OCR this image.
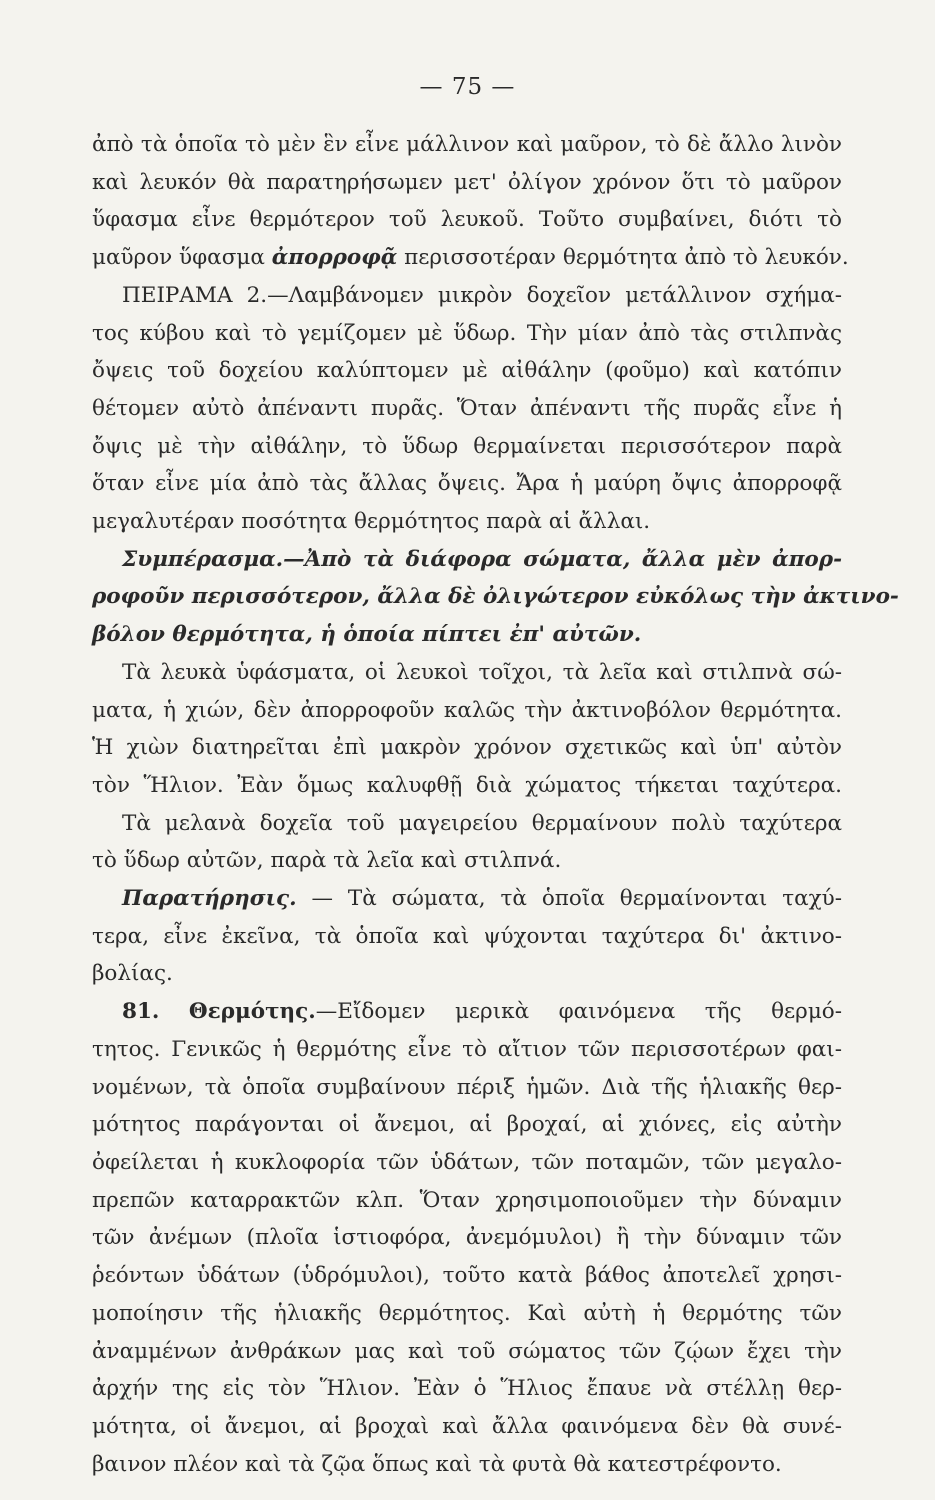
— 75 —
ἀπὸ τὰ ὁποῖα τὸ μὲν ἓν εἶνε μάλλινον καὶ μαῦρον, τὸ δὲ ἄλλο λινὸν
καὶ λευκόν θὰ παρατηρήσωμεν μετ' ὀλίγον χρόνον ὅτι τὸ μαῦρον
ὕφασμα εἶνε θερμότερον τοῦ λευκοῦ. Τοῦτο συμβαίνει, διότι τὸ
μαῦρον ὕφασμα ἀπορροφᾷ περισσοτέραν θερμότητα ἀπὸ τὸ λευκόν.
ΠΕΙΡΑΜΑ 2.—Λαμβάνομεν μικρὸν δοχεῖον μετάλλινον σχήμα-
τος κύβου καὶ τὸ γεμίζομεν μὲ ὕδωρ. Τὴν μίαν ἀπὸ τὰς στιλπνὰς
ὄψεις τοῦ δοχείου καλύπτομεν μὲ αἰθάλην (φοῦμο) καὶ κατόπιν
θέτομεν αὐτὸ ἀπέναντι πυρᾶς. Ὅταν ἀπέναντι τῆς πυρᾶς εἶνε ἡ
ὄψις μὲ τὴν αἰθάλην, τὸ ὕδωρ θερμαίνεται περισσότερον παρὰ
ὅταν εἶνε μία ἀπὸ τὰς ἄλλας ὄψεις. Ἄρα ἡ μαύρη ὄψις ἀπορροφᾷ
μεγαλυτέραν ποσότητα θερμότητος παρὰ αἱ ἄλλαι.
Συμπέρασμα.—Ἀπὸ τὰ διάφορα σώματα, ἄλλα μὲν ἀπορ-
ροφοῦν περισσότερον, ἄλλα δὲ ὀλιγώτερον εὐκόλως τὴν ἀκτινο-
βόλον θερμότητα, ἡ ὁποία πίπτει ἐπ' αὐτῶν.
Τὰ λευκὰ ὑφάσματα, οἱ λευκοὶ τοῖχοι, τὰ λεῖα καὶ στιλπνὰ σώ-
ματα, ἡ χιών, δὲν ἀπορροφοῦν καλῶς τὴν ἀκτινοβόλον θερμότητα.
Ἡ χιὼν διατηρεῖται ἐπὶ μακρὸν χρόνον σχετικῶς καὶ ὑπ' αὐτὸν
τὸν Ἥλιον. Ἐὰν ὅμως καλυφθῇ διὰ χώματος τήκεται ταχύτερα.
Τὰ μελανὰ δοχεῖα τοῦ μαγειρείου θερμαίνουν πολὺ ταχύτερα
τὸ ὕδωρ αὐτῶν, παρὰ τὰ λεῖα καὶ στιλπνά.
Παρατήρησις. — Τὰ σώματα, τὰ ὁποῖα θερμαίνονται ταχύ-
τερα, εἶνε ἐκεῖνα, τὰ ὁποῖα καὶ ψύχονται ταχύτερα δι' ἀκτινο-
βολίας.
81. Θερμότης.—Εἴδομεν μερικὰ φαινόμενα τῆς θερμό-
τητος. Γενικῶς ἡ θερμότης εἶνε τὸ αἴτιον τῶν περισσοτέρων φαι-
νομένων, τὰ ὁποῖα συμβαίνουν πέριξ ἡμῶν. Διὰ τῆς ἡλιακῆς θερ-
μότητος παράγονται οἱ ἄνεμοι, αἱ βροχαί, αἱ χιόνες, εἰς αὐτὴν
ὀφείλεται ἡ κυκλοφορία τῶν ὑδάτων, τῶν ποταμῶν, τῶν μεγαλο-
πρεπῶν καταρρακτῶν κλπ. Ὅταν χρησιμοποιοῦμεν τὴν δύναμιν
τῶν ἀνέμων (πλοῖα ἱστιοφόρα, ἀνεμόμυλοι) ἢ τὴν δύναμιν τῶν
ῥεόντων ὑδάτων (ὑδρόμυλοι), τοῦτο κατὰ βάθος ἀποτελεῖ χρησι-
μοποίησιν τῆς ἡλιακῆς θερμότητος. Καὶ αὐτὴ ἡ θερμότης τῶν
ἀναμμένων ἀνθράκων μας καὶ τοῦ σώματος τῶν ζῴων ἔχει τὴν
ἀρχήν της εἰς τὸν Ἥλιον. Ἐὰν ὁ Ἥλιος ἔπαυε νὰ στέλλῃ θερ-
μότητα, οἱ ἄνεμοι, αἱ βροχαὶ καὶ ἄλλα φαινόμενα δὲν θὰ συνέ-
βαινον πλέον καὶ τὰ ζῷα ὅπως καὶ τὰ φυτὰ θὰ κατεστρέφοντο.
